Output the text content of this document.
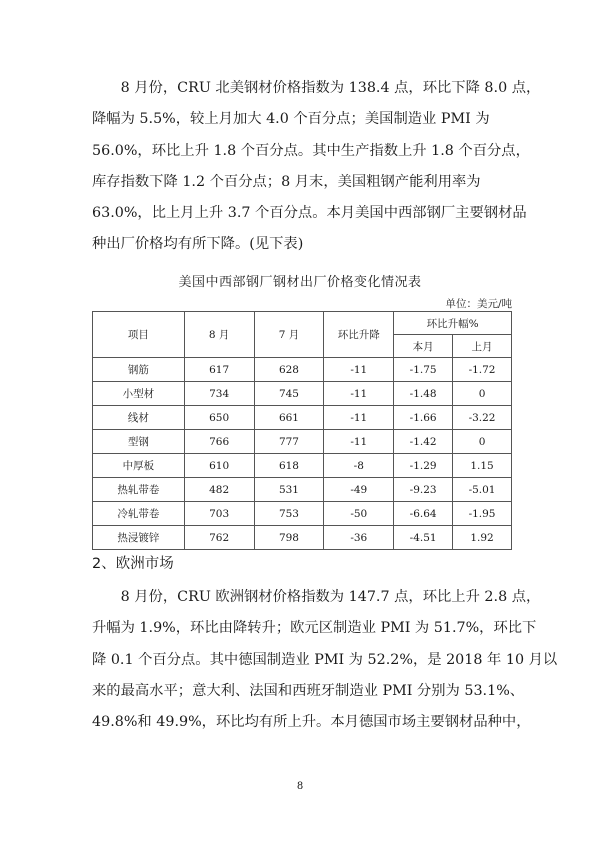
　　8 月份，CRU 北美钢材价格指数为 138.4 点，环比下降 8.0 点，
降幅为 5.5%，较上月加大 4.0 个百分点；美国制造业 PMI 为
56.0%，环比上升 1.8 个百分点。其中生产指数上升 1.8 个百分点，
库存指数下降 1.2 个百分点；8 月末，美国粗钢产能利用率为
63.0%，比上月上升 3.7 个百分点。本月美国中西部钢厂主要钢材品
种出厂价格均有所下降。(见下表)
美国中西部钢厂钢材出厂价格变化情况表
单位：美元/吨
项目	8 月	7 月	环比升降	环比升幅%	
				本月	上月
钢筋	617	628	-11	-1.75	-1.72
小型材	734	745	-11	-1.48	0
线材	650	661	-11	-1.66	-3.22
型钢	766	777	-11	-1.42	0
中厚板	610	618	-8	-1.29	1.15
热轧带卷	482	531	-49	-9.23	-5.01
冷轧带卷	703	753	-50	-6.64	-1.95
热浸镀锌	762	798	-36	-4.51	1.92
2、欧洲市场
　　8 月份，CRU 欧洲钢材价格指数为 147.7 点，环比上升 2.8 点，
升幅为 1.9%，环比由降转升；欧元区制造业 PMI 为 51.7%，环比下
降 0.1 个百分点。其中德国制造业 PMI 为 52.2%，是 2018 年 10 月以
来的最高水平；意大利、法国和西班牙制造业 PMI 分别为 53.1%、
49.8%和 49.9%，环比均有所上升。本月德国市场主要钢材品种中，
8
